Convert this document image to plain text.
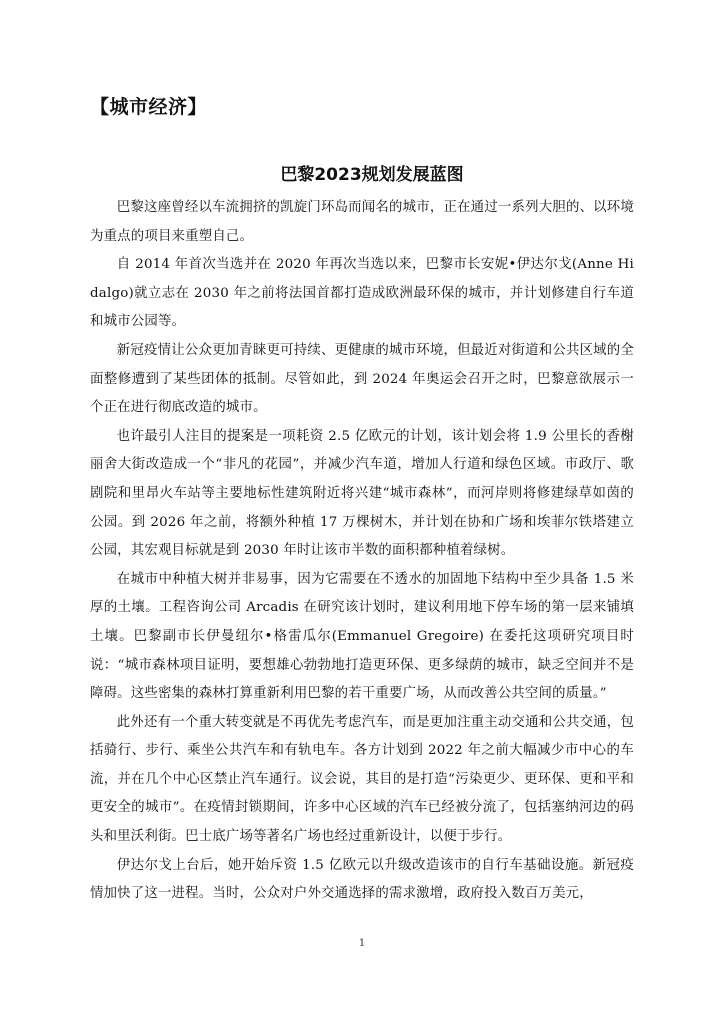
【城市经济】
巴黎2023规划发展蓝图

巴黎这座曾经以车流拥挤的凯旋门环岛而闻名的城市，正在通过一系列大胆的、以环境为重点的项目来重塑自己。

自 2014 年首次当选并在 2020 年再次当选以来，巴黎市长安妮•伊达尔戈(Anne Hidalgo)就立志在 2030 年之前将法国首都打造成欧洲最环保的城市，并计划修建自行车道和城市公园等。

新冠疫情让公众更加青睐更可持续、更健康的城市环境，但最近对街道和公共区域的全面整修遭到了某些团体的抵制。尽管如此，到 2024 年奥运会召开之时，巴黎意欲展示一个正在进行彻底改造的城市。

也许最引人注目的提案是一项耗资 2.5 亿欧元的计划，该计划会将 1.9 公里长的香榭丽舍大街改造成一个“非凡的花园”，并减少汽车道，增加人行道和绿色区域。市政厅、歌剧院和里昂火车站等主要地标性建筑附近将兴建“城市森林”，而河岸则将修建绿草如茵的公园。到 2026 年之前，将额外种植 17 万棵树木，并计划在协和广场和埃菲尔铁塔建立公园，其宏观目标就是到 2030 年时让该市半数的面积都种植着绿树。

在城市中种植大树并非易事，因为它需要在不透水的加固地下结构中至少具备 1.5 米厚的土壤。工程咨询公司 Arcadis 在研究该计划时，建议利用地下停车场的第一层来铺填土壤。巴黎副市长伊曼纽尔•格雷瓜尔(Emmanuel Gregoire) 在委托这项研究项目时说：“城市森林项目证明，要想雄心勃勃地打造更环保、更多绿荫的城市，缺乏空间并不是障碍。这些密集的森林打算重新利用巴黎的若干重要广场，从而改善公共空间的质量。”

此外还有一个重大转变就是不再优先考虑汽车，而是更加注重主动交通和公共交通，包括骑行、步行、乘坐公共汽车和有轨电车。各方计划到 2022 年之前大幅减少市中心的车流，并在几个中心区禁止汽车通行。议会说，其目的是打造“污染更少、更环保、更和平和更安全的城市”。在疫情封锁期间，许多中心区域的汽车已经被分流了，包括塞纳河边的码头和里沃利街。巴士底广场等著名广场也经过重新设计，以便于步行。

伊达尔戈上台后，她开始斥资 1.5 亿欧元以升级改造该市的自行车基础设施。新冠疫情加快了这一进程。当时，公众对户外交通选择的需求激增，政府投入数百万美元，

1
